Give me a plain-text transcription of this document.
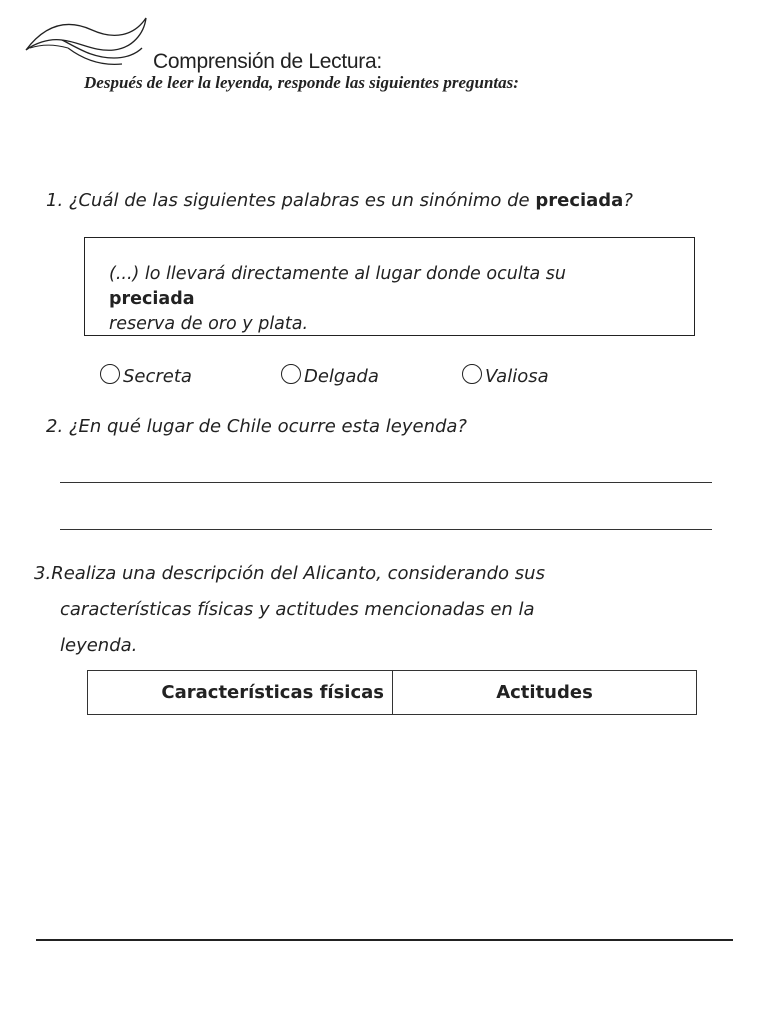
Comprensión de Lectura:
Después de leer la leyenda, responde las siguientes preguntas:
1. ¿Cuál de las siguientes palabras es un sinónimo de preciada?
(...) lo llevará directamente al lugar donde oculta su
preciada
reserva de oro y plata.
Secreta	Delgada	Valiosa
2. ¿En qué lugar de Chile ocurre esta leyenda?
3.Realiza una descripción del Alicanto, considerando sus
características físicas y actitudes mencionadas en la
leyenda.
Características físicas	Actitudes
